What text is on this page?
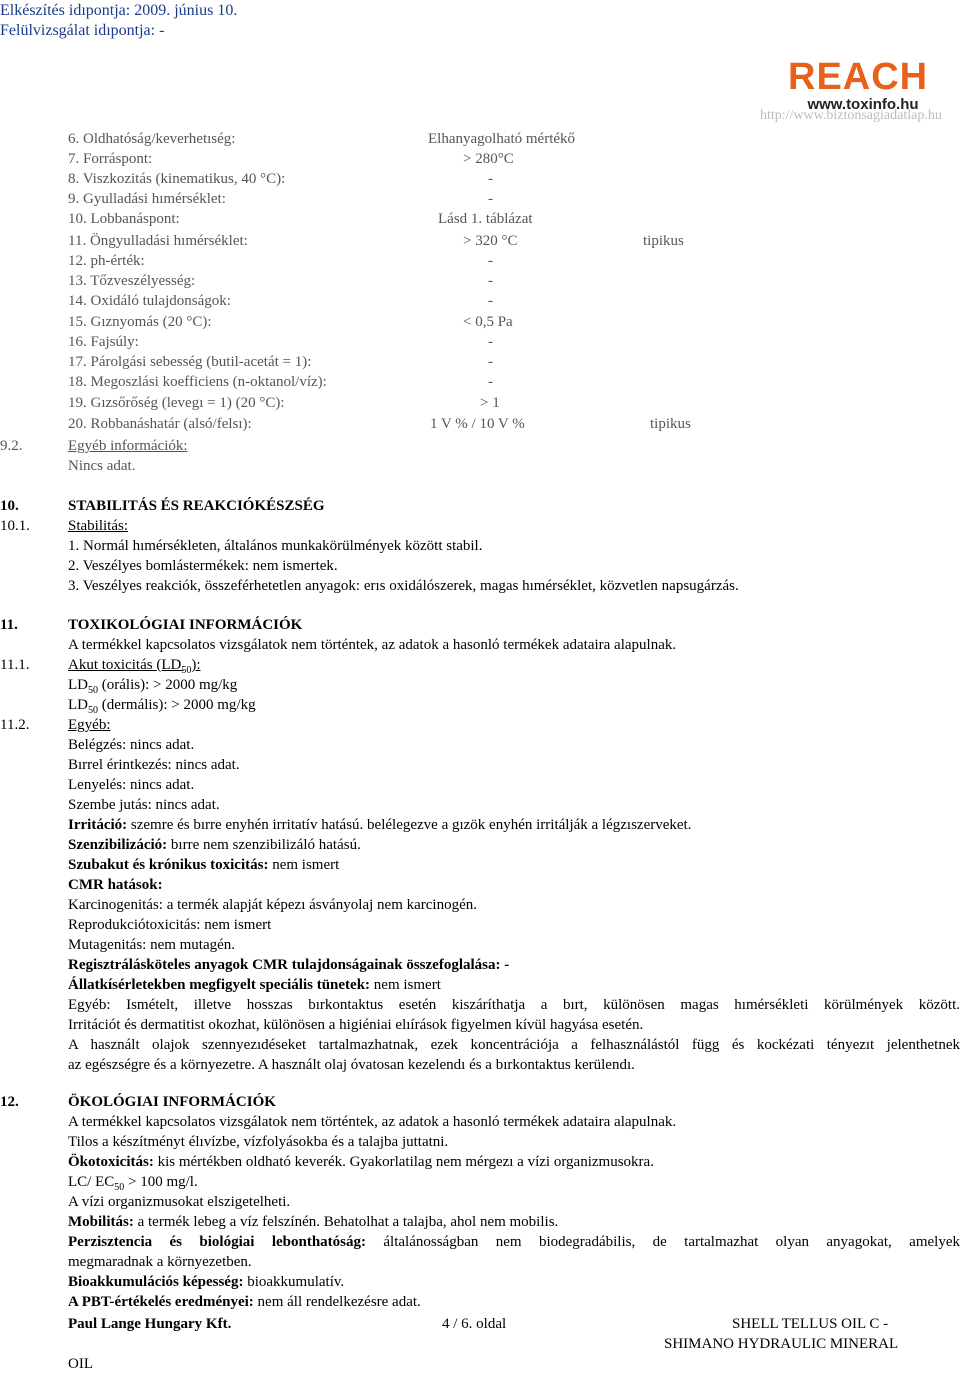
Elkészítés idıpontja: 2009. június 10.
Felülvizsgálat idıpontja: -
REACH
www.toxinfo.hu
http://www.biztonsagiadatlap.hu
6. Oldhatóság/keverhetıség:	Elhanyagolható mértékő
7. Forráspont:	> 280°C
8. Viszkozitás (kinematikus, 40 °C):	-
9. Gyulladási hımérséklet:	-
10. Lobbanáspont:	Lásd 1. táblázat
11. Öngyulladási hımérséklet:	> 320 °C	tipikus
12. ph-érték:	-
13. Tőzveszélyesség:	-
14. Oxidáló tulajdonságok:	-
15. Gıznyomás (20 °C):	< 0,5 Pa
16. Fajsúly:	-
17. Párolgási sebesség (butil-acetát = 1):	-
18. Megoszlási koefficiens (n-oktanol/víz):	-
19. Gızsőrőség (levegı = 1) (20 °C):	> 1
20. Robbanáshatár (alsó/felsı):	1 V % / 10 V %	tipikus
9.2.	Egyéb információk:
Nincs adat.
10.	STABILITÁS ÉS REAKCIÓKÉSZSÉG
10.1.	Stabilitás:
1. Normál hımérsékleten, általános munkakörülmények között stabil.
2. Veszélyes bomlástermékek: nem ismertek.
3. Veszélyes reakciók, összeférhetetlen anyagok: erıs oxidálószerek, magas hımérséklet, közvetlen napsugárzás.
11.	TOXIKOLÓGIAI INFORMÁCIÓK
A termékkel kapcsolatos vizsgálatok nem történtek, az adatok a hasonló termékek adataira alapulnak.
11.1.	Akut toxicitás $(LD_{50})$:
$LD_{50}$ (orális): > 2000 mg/kg
$LD_{50}$ (dermális): > 2000 mg/kg
11.2.	Egyéb:
Belégzés: nincs adat.
Bırrel érintkezés: nincs adat.
Lenyelés: nincs adat.
Szembe jutás: nincs adat.
Irritáció: szemre és bırre enyhén irritatív hatású. belélegezve a gızök enyhén irritálják a légzıszerveket.
Szenzibilizáció: bırre nem szenzibilizáló hatású.
Szubakut és krónikus toxicitás: nem ismert
CMR hatások:
Karcinogenitás: a termék alapját képezı ásványolaj nem karcinogén.
Reprodukciótoxicitás: nem ismert
Mutagenitás: nem mutagén.
Regisztrálásköteles anyagok CMR tulajdonságainak összefoglalása: -
Állatkísérletekben megfigyelt speciális tünetek: nem ismert
Egyéb: Ismételt, illetve hosszas bırkontaktus esetén kiszáríthatja a bırt, különösen magas hımérsékleti körülmények között.
Irritációt és dermatitist okozhat, különösen a higiéniai elıírások figyelmen kívül hagyása esetén.
A használt olajok szennyezıdéseket tartalmazhatnak, ezek koncentrációja a felhasználástól függ és kockézati tényezıt jelenthetnek
az egészségre és a környezetre. A használt olaj óvatosan kezelendı és a bırkontaktus kerülendı.
12.	ÖKOLÓGIAI INFORMÁCIÓK
A termékkel kapcsolatos vizsgálatok nem történtek, az adatok a hasonló termékek adataira alapulnak.
Tilos a készítményt élıvízbe, vízfolyásokba és a talajba juttatni.
Ökotoxicitás: kis mértékben oldható keverék. Gyakorlatilag nem mérgezı a vízi organizmusokra.
LC/ $EC_{50} > 100$ mg/l.
A vízi organizmusokat elszigetelheti.
Mobilitás: a termék lebeg a víz felszínén. Behatolhat a talajba, ahol nem mobilis.
Perzisztencia és biológiai lebonthatóság: általánosságban nem biodegradábilis, de tartalmazhat olyan anyagokat, amelyek
megmaradnak a környezetben.
Bioakkumulációs képesség: bioakkumulatív.
A PBT-értékelés eredményei: nem áll rendelkezésre adat.
Paul Lange Hungary Kft.	4 / 6. oldal	SHELL TELLUS OIL C -
SHIMANO HYDRAULIC MINERAL
OIL
